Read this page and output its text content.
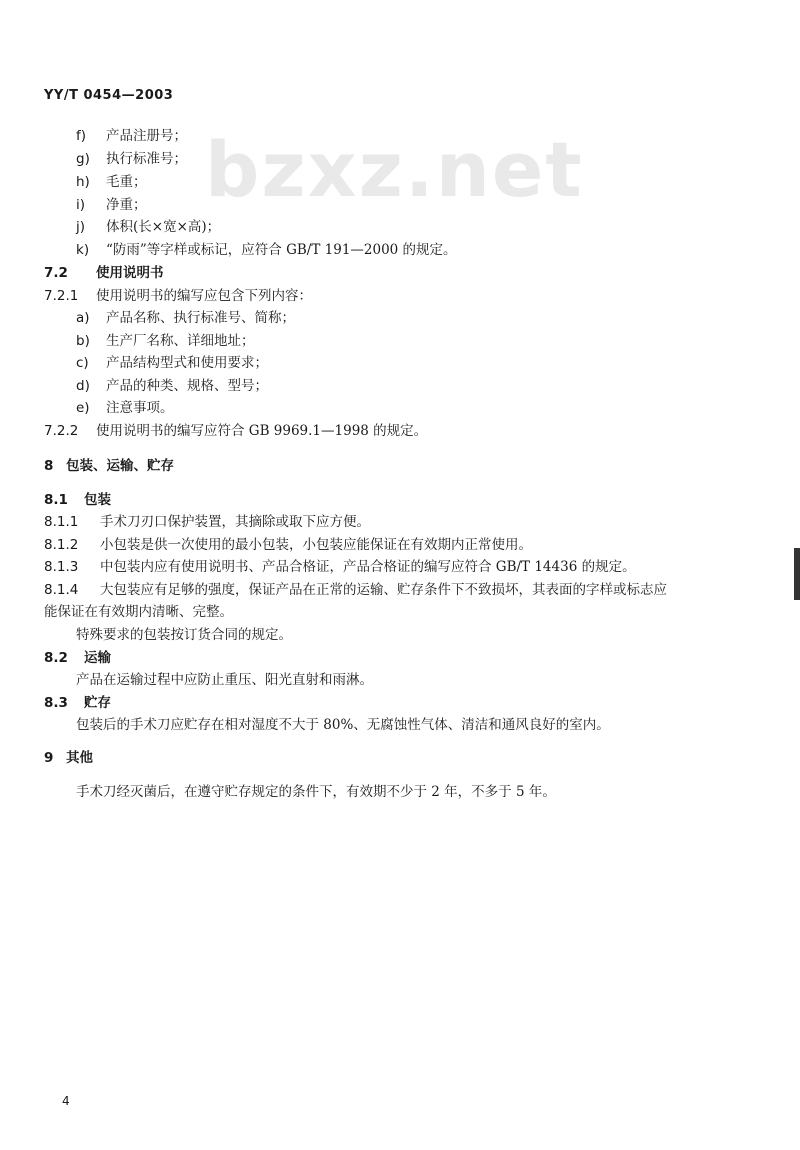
YY/T 0454—2003
bzxz.net
f) 产品注册号；
g) 执行标准号；
h) 毛重；
i) 净重；
j) 体积(长×宽×高)；
k) “防雨”等字样或标记，应符合 GB/T 191—2000 的规定。
7.2 使用说明书
7.2.1 使用说明书的编写应包含下列内容：
a) 产品名称、执行标准号、简称；
b) 生产厂名称、详细地址；
c) 产品结构型式和使用要求；
d) 产品的种类、规格、型号；
e) 注意事项。
7.2.2 使用说明书的编写应符合 GB 9969.1—1998 的规定。
8 包装、运输、贮存
8.1 包装
8.1.1 手术刀刃口保护装置，其摘除或取下应方便。
8.1.2 小包装是供一次使用的最小包装，小包装应能保证在有效期内正常使用。
8.1.3 中包装内应有使用说明书、产品合格证，产品合格证的编写应符合 GB/T 14436 的规定。
8.1.4 大包装应有足够的强度，保证产品在正常的运输、贮存条件下不致损坏，其表面的字样或标志应
能保证在有效期内清晰、完整。
特殊要求的包装按订货合同的规定。
8.2 运输
产品在运输过程中应防止重压、阳光直射和雨淋。
8.3 贮存
包装后的手术刀应贮存在相对湿度不大于 80%、无腐蚀性气体、清洁和通风良好的室内。
9 其他
手术刀经灭菌后，在遵守贮存规定的条件下，有效期不少于 2 年，不多于 5 年。
4
